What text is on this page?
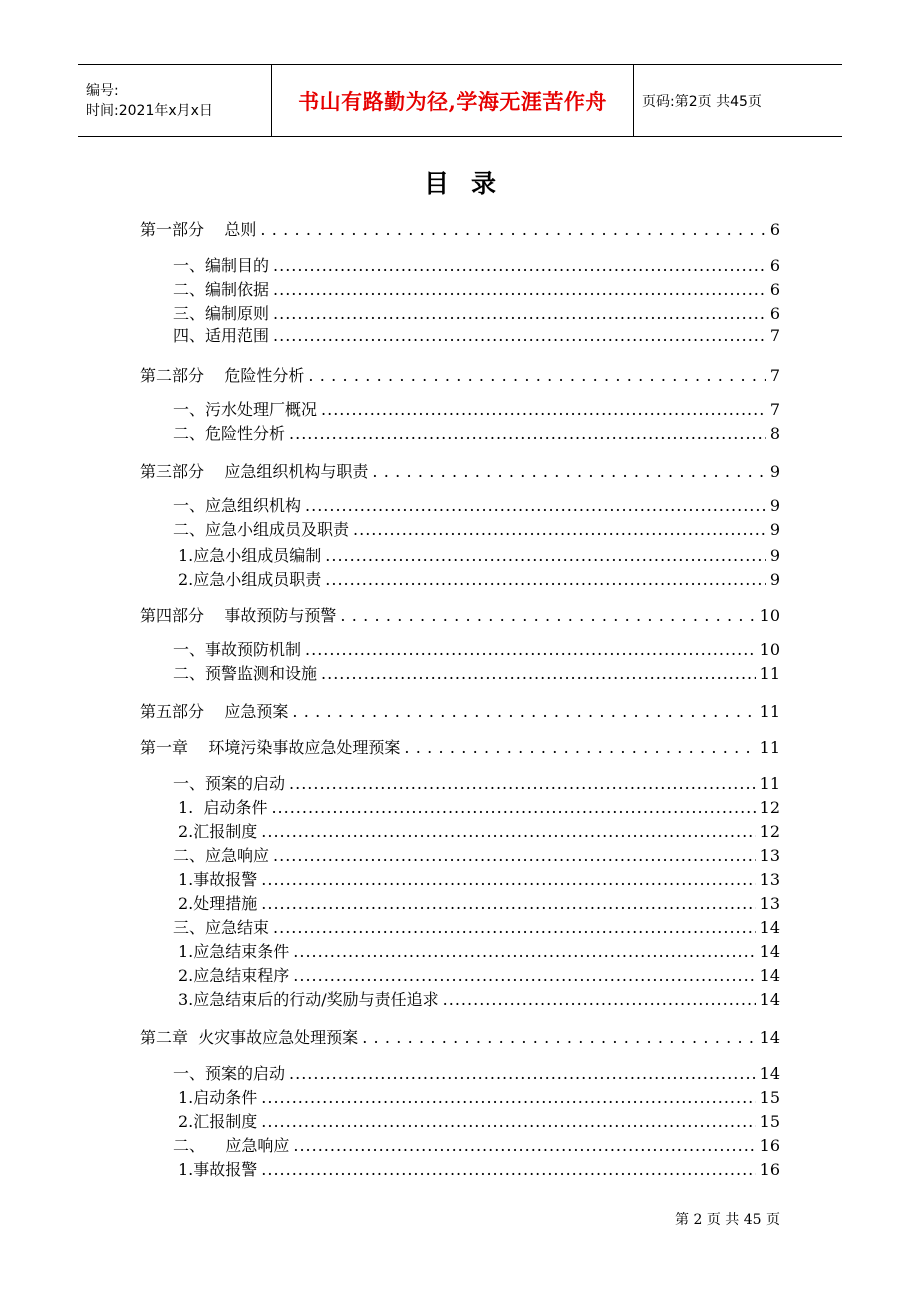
编号:
时间:2021年x月x日	书山有路勤为径,学海无涯苦作舟	页码:第2页 共45页
目录
第一部分    总则 . . .	6
一、编制目的 .....	6
二、编制依据 .....	6
三、编制原则 .....	6
四、适用范围 .....	7
第二部分    危险性分析 . . .	7
一、污水处理厂概况 .....	7
二、危险性分析 .....	8
第三部分    应急组织机构与职责 . . .	9
一、应急组织机构 .....	9
二、应急小组成员及职责 .....	9
1.应急小组成员编制 .....	9
2.应急小组成员职责 .....	9
第四部分    事故预防与预警 . . .	10
一、事故预防机制 .....	10
二、预警监测和设施 .....	11
第五部分    应急预案 . . .	11
第一章    环境污染事故应急处理预案 . . .	11
一、预案的启动 .....	11
1.  启动条件 .....	12
2.汇报制度 .....	12
二、应急响应 .....	13
1.事故报警 .....	13
2.处理措施 .....	13
三、应急结束 .....	14
1.应急结束条件 .....	14
2.应急结束程序 .....	14
3.应急结束后的行动/奖励与责任追求 .....	14
第二章  火灾事故应急处理预案 . . .	14
一、预案的启动 .....	14
1.启动条件 .....	15
2.汇报制度 .....	15
二、    应急响应 .....	16
1.事故报警 .....	16
第 2 页 共 45 页
